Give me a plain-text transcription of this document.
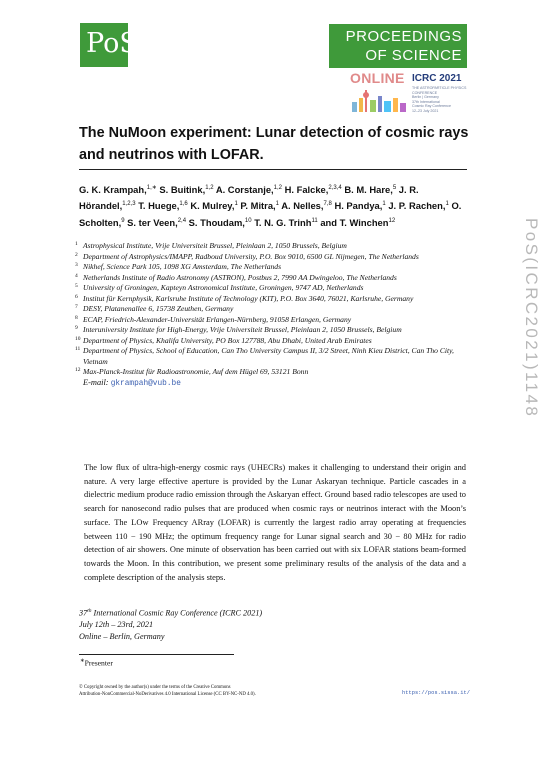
PoS	PROCEEDINGS
OF SCIENCE
ONLINE ICRC 2021
THE ASTROPARTICLE PHYSICS CONFERENCE
Berlin | Germany
37th International
Cosmic Ray Conference
12–23 July 2021
The NuMoon experiment: Lunar detection of cosmic rays and neutrinos with LOFAR.
G. K. Krampah,$^{1,∗}$ S. Buitink,$^{1,2}$ A. Corstanje,$^{1,2}$ H. Falcke,$^{2,3,4}$ B. M. Hare,$^5$ J. R. Hörandel,$^{1,2,3}$ T. Huege,$^{1,6}$ K. Mulrey,$^1$ P. Mitra,$^1$ A. Nelles,$^{7,8}$ H. Pandya,$^1$ J. P. Rachen,$^1$ O. Scholten,$^9$ S. ter Veen,$^{2,4}$ S. Thoudam,$^{10}$ T. N. G. Trinh$^{11}$ and T. Winchen$^{12}$
1 Astrophysical Institute, Vrije Universiteit Brussel, Pleinlaan 2, 1050 Brussels, Belgium
2 Department of Astrophysics/IMAPP, Radboud University, P.O. Box 9010, 6500 GL Nijmegen, The Netherlands
3 Nikhef, Science Park 105, 1098 XG Amsterdam, The Netherlands
4 Netherlands Institute of Radio Astronomy (ASTRON), Postbus 2, 7990 AA Dwingeloo, The Netherlands
5 University of Groningen, Kapteyn Astronomical Institute, Groningen, 9747 AD, Netherlands
6 Institut für Kernphysik, Karlsruhe Institute of Technology (KIT), P.O. Box 3640, 76021, Karlsruhe, Germany
7 DESY, Platanenallee 6, 15738 Zeuthen, Germany
8 ECAP, Friedrich-Alexander-Universität Erlangen-Nürnberg, 91058 Erlangen, Germany
9 Interuniversity Institute for High-Energy, Vrije Universiteit Brussel, Pleinlaan 2, 1050 Brussels, Belgium
10 Department of Physics, Khalifa University, PO Box 127788, Abu Dhabi, United Arab Emirates
11 Department of Physics, School of Education, Can Tho University Campus II, 3/2 Street, Ninh Kieu District, Can Tho City, Vietnam
12 Max-Planck-Institut für Radioastronomie, Auf dem Hügel 69, 53121 Bonn
E-mail: gkrampah@vub.be
The low flux of ultra-high-energy cosmic rays (UHECRs) makes it challenging to understand their origin and nature. A very large effective aperture is provided by the Lunar Askaryan technique. Particle cascades in a dielectric medium produce radio emission through the Askaryan effect. Ground based radio telescopes are used to search for nanosecond radio pulses that are produced when cosmic rays or neutrinos interact with the Moon’s surface. The LOw Frequency ARray (LOFAR) is currently the largest radio array operating at frequencies between 110 − 190 MHz; the optimum frequency range for Lunar signal search and 30 − 80 MHz for radio detection of air showers. One minute of observation has been carried out with six LOFAR stations beam-formed towards the Moon. In this contribution, we present some preliminary results of the analysis of the data and a complete description of the analysis steps.
37th International Cosmic Ray Conference (ICRC 2021)
July 12th – 23rd, 2021
Online – Berlin, Germany
∗Presenter
© Copyright owned by the author(s) under the terms of the Creative Commons
Attribution-NonCommercial-NoDerivatives 4.0 International License (CC BY-NC-ND 4.0).	https://pos.sissa.it/
PoS(ICRC2021)1148
